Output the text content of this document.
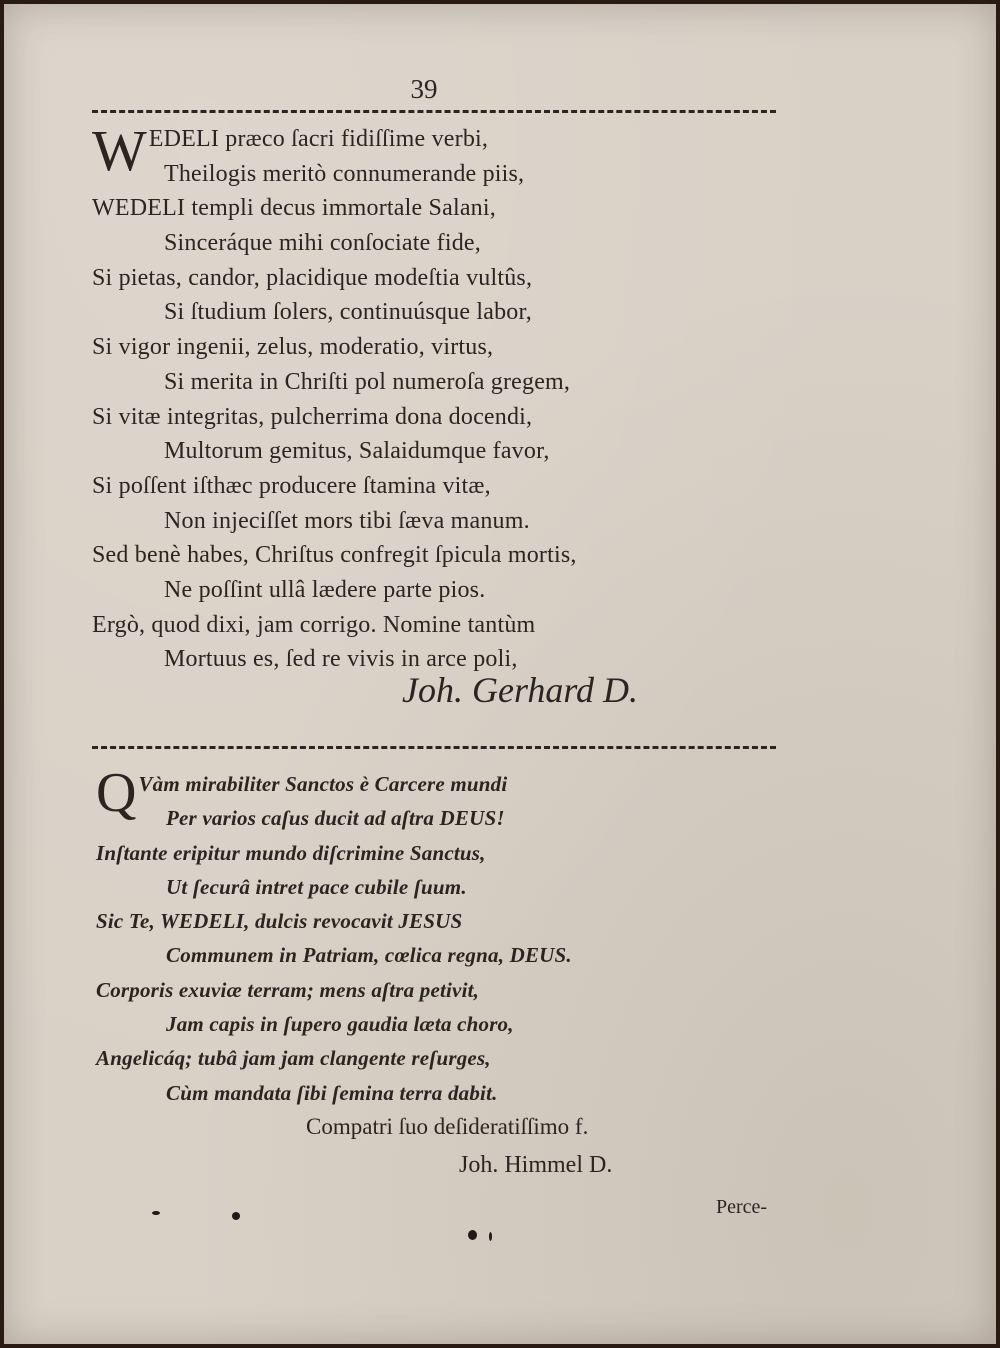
39
W EDELI præco ſacri fidiſſime verbi,
Theilogis meritò connumerande piis,
WEDELI templi decus immortale Salani,
Sinceráque mihi conſociate fide,
Si pietas, candor, placidique modeſtia vultûs,
Si ſtudium ſolers, continuúsque labor,
Si vigor ingenii, zelus, moderatio, virtus,
Si merita in Chriſti pol numeroſa gregem,
Si vitæ integritas, pulcherrima dona docendi,
Multorum gemitus, Salaidumque favor,
Si poſſent iſthæc producere ſtamina vitæ,
Non injeciſſet mors tibi ſæva manum.
Sed benè habes, Chriſtus confregit ſpicula mortis,
Ne poſſint ullâ lædere parte pios.
Ergò, quod dixi, jam corrigo. Nomine tantùm
Mortuus es, ſed re vivis in arce poli,
Joh. Gerhard D.
Q Vàm mirabiliter Sanctos è Carcere mundi
Per varios caſus ducit ad aſtra DEUS!
Inſtante eripitur mundo diſcrimine Sanctus,
Ut ſecurâ intret pace cubile ſuum.
Sic Te, WEDELI, dulcis revocavit JESUS
Communem in Patriam, cœlica regna, DEUS.
Corporis exuviæ terram; mens aſtra petivit,
Jam capis in ſupero gaudia læta choro,
Angelicáq; tubâ jam jam clangente reſurges,
Cùm mandata ſibi ſemina terra dabit.
Compatri ſuo deſideratiſſimo f.
Joh. Himmel D.
Perce-
